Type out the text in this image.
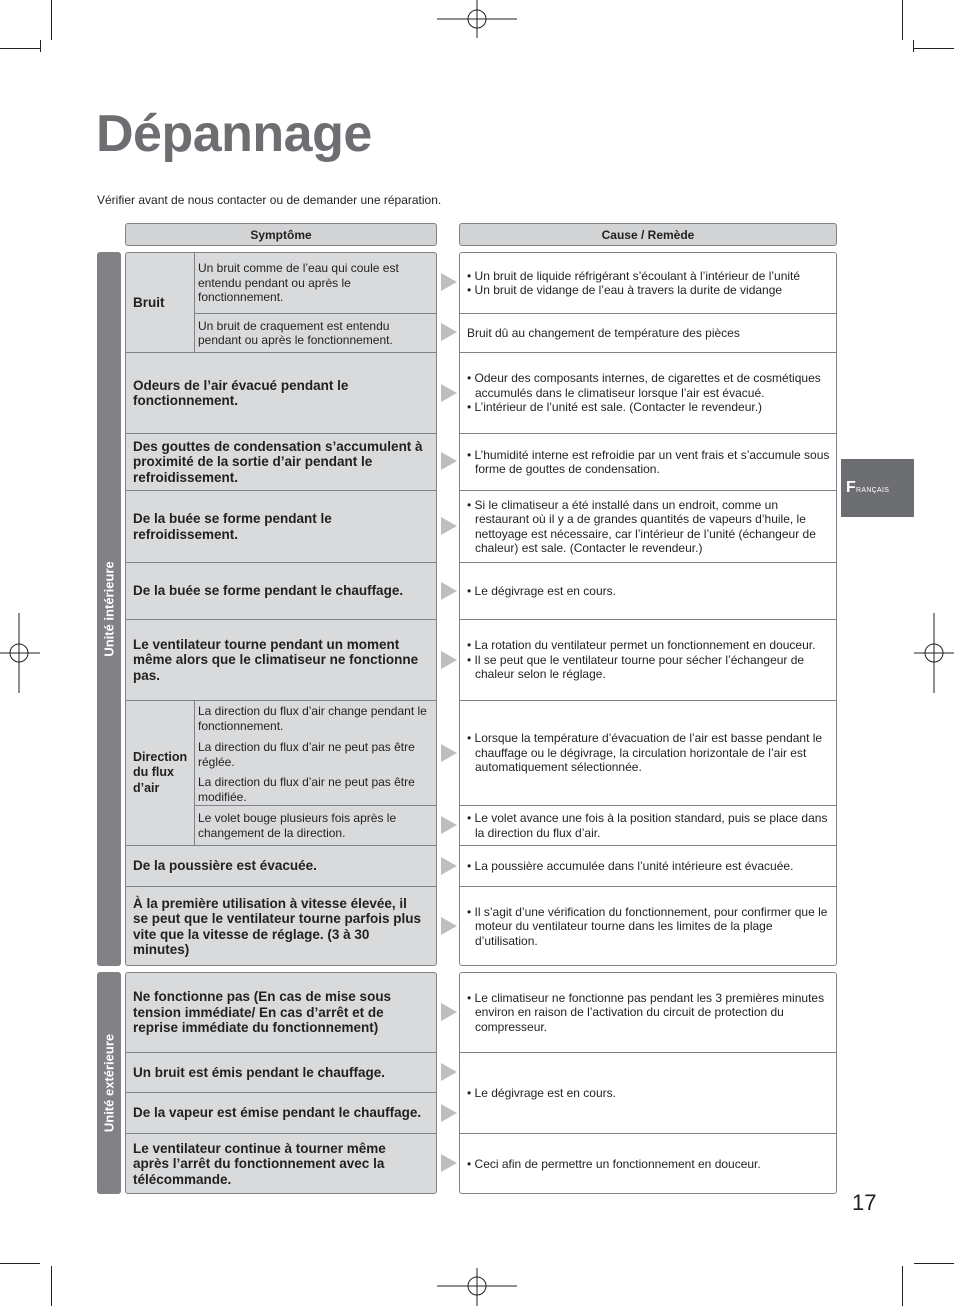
Dépannage
Vérifier avant de nous contacter ou de demander une réparation.
Symptôme	Cause / Remède
Unité intérieure
Unité extérieure
Bruit
Un bruit comme de l’eau qui coule est entendu pendant ou après le fonctionnement.
Un bruit de craquement est entendu pendant ou après le fonctionnement.
Odeurs de l’air évacué pendant le fonctionnement.
Des gouttes de condensation s’accumulent à proximité de la sortie d’air pendant le refroidissement.
De la buée se forme pendant le refroidissement.
De la buée se forme pendant le chauffage.
Le ventilateur tourne pendant un moment même alors que le climatiseur ne fonctionne pas.
Direction du flux d’air
La direction du flux d’air change pendant le fonctionnement.
La direction du flux d’air ne peut pas être réglée.
La direction du flux d’air ne peut pas être modifiée.
Le volet bouge plusieurs fois après le changement de la direction.
De la poussière est évacuée.
À la première utilisation à vitesse élevée, il se peut que le ventilateur tourne parfois plus vite que la vitesse de réglage. (3 à 30 minutes)
Ne fonctionne pas (En cas de mise sous tension immédiate/ En cas d’arrêt et de reprise immédiate du fonctionnement)
Un bruit est émis pendant le chauffage.
De la vapeur est émise pendant le chauffage.
Le ventilateur continue à tourner même après l’arrêt du fonctionnement avec la télécommande.
• Un bruit de liquide réfrigérant s’écoulant à l’intérieur de l’unité
• Un bruit de vidange de l’eau à travers la durite de vidange
Bruit dû au changement de température des pièces
• Odeur des composants internes, de cigarettes et de cosmétiques accumulés dans le climatiseur lorsque l’air est évacué.
• L’intérieur de l’unité est sale. (Contacter le revendeur.)
• L’humidité interne est refroidie par un vent frais et s’accumule sous forme de gouttes de condensation.
• Si le climatiseur a été installé dans un endroit, comme un restaurant où il y a de grandes quantités de vapeurs d’huile, le nettoyage est nécessaire, car l’intérieur de l’unité (échangeur de chaleur) est sale. (Contacter le revendeur.)
• Le dégivrage est en cours.
• La rotation du ventilateur permet un fonctionnement en douceur.
• Il se peut que le ventilateur tourne pour sécher l’échangeur de chaleur selon le réglage.
• Lorsque la température d’évacuation de l’air est basse pendant le chauffage ou le dégivrage, la circulation horizontale de l’air est automatiquement sélectionnée.
• Le volet avance une fois à la position standard, puis se place dans la direction du flux d’air.
• La poussière accumulée dans l’unité intérieure est évacuée.
• Il s’agit d’une vérification du fonctionnement, pour confirmer que le moteur du ventilateur tourne dans les limites de la plage d’utilisation.
• Le climatiseur ne fonctionne pas pendant les 3 premières minutes environ en raison de l’activation du circuit de protection du compresseur.
• Le dégivrage est en cours.
• Ceci afin de permettre un fonctionnement en douceur.
F RANÇAIS
17
